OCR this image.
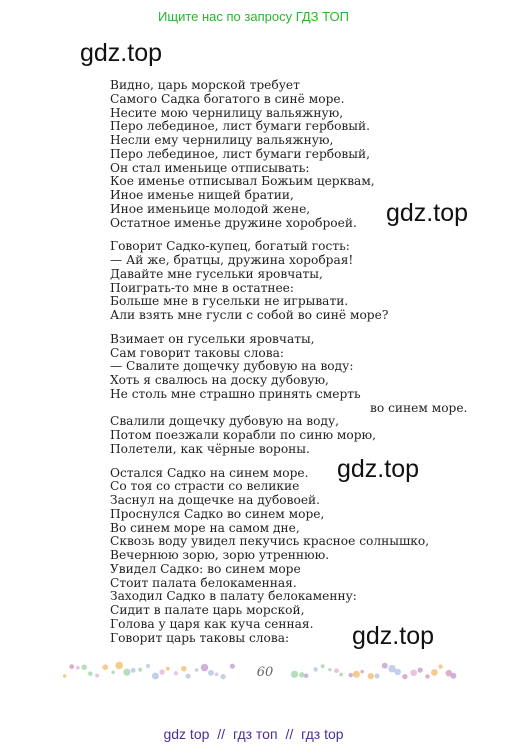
Ищите нас по запросу ГДЗ ТОП
gdz.top
gdz.top
gdz.top
gdz.top
Видно, царь морской требует
Самого Садка богатого в синё море.
Несите мою чернилицу вальяжную,
Перо лебединое, лист бумаги гербовый.
Несли ему чернилицу вальяжную,
Перо лебединое, лист бумаги гербовый,
Он стал именьице отписывать:
Кое именье отписывал Божьим церквам,
Иное именье нищей братии,
Иное именьице молодой жене,
Остатное именье дружине хороброей.
Говорит Садко-купец, богатый гость:
— Ай же, братцы, дружина хоробрая!
Давайте мне гусельки яровчаты,
Поиграть-то мне в остатнее:
Больше мне в гусельки не игрывати.
Али взять мне гусли с собой во синё море?
Взимает он гусельки яровчаты,
Сам говорит таковы слова:
— Свалите дощечку дубовую на воду:
Хоть я свалюсь на доску дубовую,
Не столь мне страшно принять смерть
во синем море.
Свалили дощечку дубовую на воду,
Потом поезжали корабли по синю морю,
Полетели, как чёрные вороны.
Остался Садко на синем море.
Со тоя со страсти со великие
Заснул на дощечке на дубовоей.
Проснулся Садко во синем море,
Во синем море на самом дне,
Сквозь воду увидел пекучись красное солнышко,
Вечернюю зорю, зорю утреннюю.
Увидел Садко: во синем море
Стоит палата белокаменная.
Заходил Садко в палату белокаменну:
Сидит в палате царь морской,
Голова у царя как куча сенная.
Говорит царь таковы слова:
60
gdz top // гдз топ // гдз top
